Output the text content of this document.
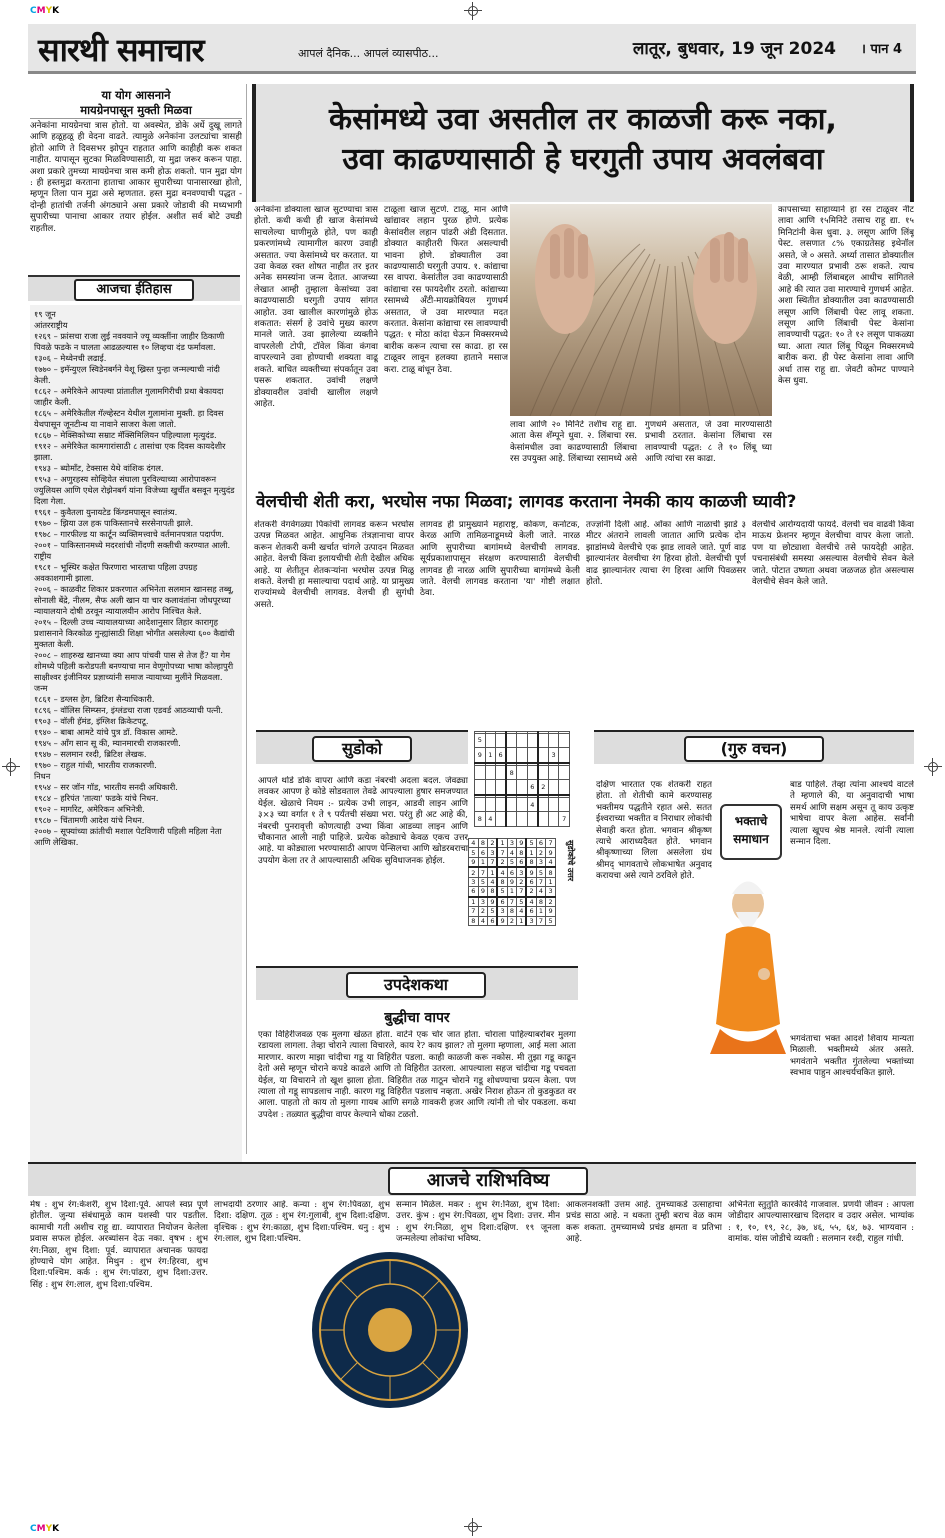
CMYK
CMYK
सारथी समाचार	आपलं दैनिक... आपलं व्यासपीठ...	लातूर, बुधवार, 19 जून 2024 । पान 4
या योग आसनाने
मायग्रेनपासून मुक्ती मिळवा

अनेकांना मायग्रेनचा त्रास होतो. या अवस्थेत, डोके अर्धे दुखू लागते आणि हळूहळू ही वेदना वाढते. त्यामुळे अनेकांना उलट्यांचा त्रासही होतो आणि ते दिवसभर झोपून राहतात आणि काहीही करू शकत नाहीत. यापासून सुटका मिळविण्यासाठी, या मुद्रा जरूर करून पाहा. अशा प्रकारे तुमच्या मायग्रेनचा त्रास कमी होऊ शकतो. पान मुद्रा योग : ही हस्तमुद्रा करताना हाताचा आकार सुपारीच्या पानासारखा होतो, म्हणून तिला पान मुद्रा असे म्हणतात. हस्त मुद्रा बनवण्याची पद्धत - दोन्ही हातांची तर्जनी अंगठ्याने असा प्रकारे जोडावी की मध्यभागी सुपारीच्या पानाचा आकार तयार होईल. अशीत सर्व बोटे उघडी राहतील.

आजचा ईतिहास

१९ जून

आंतरराष्ट्रीय

१२६९ – फ्रांसचा राजा लुई नववयाने ज्यू व्यक्तींना जाहीर ठिकाणी पिवळे फडके न घालता आढळल्यास १० लिव्हचा दंड फर्मावला.

१३०६ – मेथ्वेनची लढाई.

१७७० – इमॅन्युएल स्विडेनबर्गने येशू ख्रिस्त पुन्हा जन्मल्याची नांदी केली.

१८६२ – अमेरिकेने आपल्या प्रांतातील गुलामगिरीची प्रथा बेकायदा जाहीर केली.

१८६५ – अमेरिकेतील गॅल्व्हेस्टन येथील गुलामांना मुक्ती. हा दिवस येथपासून जूनटीन्थ या नावाने साजरा केला जातो.

१८६७ – मेक्सिकोच्या सम्राट मॅक्सिमिलियन पहिल्याला मृत्युदंड.

१९१२ – अमेरिकेत कामगारांसाठी ८ तासांचा एक दिवस कायदेशीर झाला.

१९४३ – ब्योमॉंट, टेक्सास येथे वांशिक दंगल.

१९५३ – अणुरहस्य सोव्हियेत संघाला पुरविल्याच्या आरोपावरून ज्युलियस आणि एथेल रोझेनबर्ग यांना विजेच्या खुर्चीत बसवून मृत्युदंड दिला गेला.

१९६१ – कुवैतला युनायटेड किंग्डमपासून स्वातंत्र्य.

१९७० – झिया उल हक पाकिस्तानचे सरसेनापती झाले.

१९७८ – गारफील्ड या कार्टून व्यक्तिमत्त्वाचे वर्तमानपत्रात पदार्पण.

२००१ – पाकिस्तानमध्ये मदरशांची नोंदणी सक्तीची करण्यात आली.

राष्ट्रीय

१९८१ – भूस्थिर कक्षेत फिरणारा भारताचा पहिला उपग्रह अवकाशगामी झाला.

२००६ – काळवीट शिकार प्रकरणात अभिनेता सलमान खानसह तब्बू, सोनाली बेंद्रे, नीलम, सैफ अली खान या चार कलावंतांना जोधपूरच्या न्यायालयाने दोषी ठरवून न्यायालयीन आरोप निश्चित केले.

२०१५ – दिल्ली उच्च न्यायालयाच्या आदेशानुसार तिहार कारागृह प्रशासनाने किरकोळ गुन्ह्यांसाठी शिक्षा भोगीत असलेल्या ६०० कैद्यांची मुक्तता केली.

२००८ – शाहरुख खानच्या क्या आप पांचवी पास से तेज हैं? या गेम शोमध्ये पहिली करोडपती बनण्याचा मान वेणूगोपच्या भाषा कोल्हापुरी साक्षीश्वर इंजीनियर प्रज्ञाच्यांनी समाज न्यायाच्या मुलींने मिळवला.

जन्म

१८६१ – डग्लस हेग, ब्रिटिश सैन्याधिकारी.

१८९६ – वॉलिस सिम्प्सन, इंग्लंडचा राजा एडवर्ड आठव्याची पत्नी.

१९०३ – वॉली हॅमंड, इंग्लिश क्रिकेटपटू.

१९४० – बाबा आमटे यांचे पुत्र डॉ. विकास आमटे.

१९४५ – आँग सान सू की, म्यानमारची राजकारणी.

१९४७ – सलमान रश्दी, ब्रिटिश लेखक.

१९७० – राहुल गांधी, भारतीय राजकारणी.

निधन

१९५४ – सर जॉन गॉड, भारतीय सनदी अधिकारी.

१९८४ – हरिपंत 'तात्या' फडके यांचे निधन.

१९०२ – मार्गारेट, अमेरिकन अभिनेत्री.

१९८७ – चिंतामणी आदेश यांचे निधन.

२००७ – सूफ्यांच्या क्रांतीची मशाल पेटविणारी पहिली महिला नेता आणि लेखिका.

केसांमध्ये उवा असतील तर काळजी करू नका,
उवा काढण्यासाठी हे घरगुती उपाय अवलंबवा
अनेकांना डोक्याला खाज सुटण्याचा त्रास होतो. कधी कधी ही खाज केसांमध्ये साचलेल्या घाणीमुळे होते, पण काही प्रकरणांमध्ये त्यामागील कारण उवाही असतात. ज्या केसांमध्ये घर करतात. या उवा केवळ रक्त शोषत नाहीत तर इतर अनेक समस्यांना जन्म देतात. आजच्या लेखात आम्ही तुम्हाला केसांच्या उवा काढण्यासाठी घरगुती उपाय सांगत आहोत. उवा खालील कारणांमुळे होऊ शकतात: संसर्ग हे उवांचे मुख्य कारण मानले जाते. उवा झालेल्या व्यक्तीने वापरलेली टोपी, टॉवेल किंवा कंगवा वापरल्याने उवा होण्याची शक्यता वाढू शकते. बाधित व्यक्तीच्या संपर्कातून उवा पसरू शकतात. उवांची लक्षणे डोक्यावरील उवांची खालील लक्षणे आहेत.
टाळूला खाज सुटणे. टाळू, मान आणि खांद्यावर लहान पुरळ होणे. प्रत्येक केसांवरील लहान पांढरी अंडी दिसतात. डोक्यात काहीतरी फिरत असल्याची भावना होणे. डोक्यातील उवा काढण्यासाठी घरगुती उपाय. १. कांद्याचा रस वापरा. केसांतील उवा काढण्यासाठी कांद्याचा रस फायदेशीर ठरतो. कांद्याच्या रसामध्ये अँटी-मायक्रोबियल गुणधर्म असतात, जे उवा मारण्यात मदत करतात. केसांना कांद्याचा रस लावण्याची पद्धत: १ मोठा कांदा घेऊन मिक्सरमध्ये बारीक करून त्याचा रस काढा. हा रस टाळूवर लावून हलक्या हाताने मसाज करा. टाळू बांधून ठेवा.
लावा आणि २० मिनिटे तशीच राहू द्या. आता केस शॅम्पूने धुवा. २. लिंबाचा रस. केसांमधील उवा काढण्यासाठी लिंबाचा रस उपयुक्त आहे. लिंबाच्या रसामध्ये असे गुणधर्म असतात, जे उवा मारण्यासाठी प्रभावी ठरतात. केसांना लिंबाचा रस लावण्याची पद्धत: ८ ते १० लिंबू घ्या आणि त्यांचा रस काढा.
कापसाच्या साहाय्याने हा रस टाळूवर नीट लावा आणि १५मिनिटे तसाच राहू द्या. १५ मिनिटांनी केस धुवा. ३. लसूण आणि लिंबू पेस्ट. लसणात ८% एकाग्रतेसह इथेनॉल असते, जे ० असते. अर्ध्या तासात डोक्यातील उवा मारण्यात प्रभावी ठरू शकते. त्याच वेळी, आम्ही लिंबाबद्दल आधीच सांगितले आहे की त्यात उवा मारण्याचे गुणधर्म आहेत. अशा स्थितीत डोक्यातील उवा काढण्यासाठी लसूण आणि लिंबाची पेस्ट लावू शकता. लसूण आणि लिंबाची पेस्ट केसांना लावण्याची पद्धत: १० ते १२ लसूण पाकळ्या घ्या. आता त्यात लिंबू पिळून मिक्सरमध्ये बारीक करा. ही पेस्ट केसांना लावा आणि अर्धा तास राहू द्या. जेवटी कोमट पाण्याने केस धुवा.
वेलचीची शेती करा, भरघोस नफा मिळवा; लागवड करताना नेमकी काय काळजी घ्यावी?
शेतकरी वेगवेगळ्या पिकांची लागवड करून भरघोस उत्पन्न मिळवत आहेत. आधुनिक तंत्रज्ञानाचा वापर करून शेतकरी कमी खर्चात चांगले उत्पादन मिळवत आहेत. वेलची किंवा इलायचीची शेती देखील अधिक आहे. या शेतीतून शेतकऱ्यांना भरघोस उत्पन्न मिळू शकते. वेलची हा मसाल्याचा पदार्थ आहे. या प्रामुख्य राज्यांमध्ये वेलचीची लागवड. वेलची ही सुगंधी असते.
लागवड ही प्रामुख्याने महाराष्ट्र, कोकण, कर्नाटक, केरळ आणि तामिळनाडूमध्ये केली जाते. नारळ आणि सुपारीच्या बागांमध्ये वेलचीची लागवड. सूर्यप्रकाशापासून संरक्षण करण्यासाठी वेलचीची लागवड ही नारळ आणि सुपारीच्या बागांमध्ये केली जाते. वेलची लागवड करताना 'या' गोष्टी लक्षात ठेवा.
तज्ज्ञांनी दिली आहे. ओंका आणि नाळाची झाडे ३ मीटर अंतराने लावली जातात आणि प्रत्येक दोन झाडांमध्ये वेलचीचे एक झाड लावले जाते. पूर्ण वाढ झाल्यानंतर वेलचीचा रंग हिरवा होतो. वेलचीची पूर्ण वाढ झाल्यानंतर त्याचा रंग हिरवा आणि पिवळसर होतो.
वेलचीचे आरोग्यदायी फायदे. वेलची चव वाढवी किंवा माऊथ फ्रेशनर म्हणून वेलचीचा वापर केला जातो. पण या छोट्याशा वेलचीचे तसे फायदेही आहेत. पचनासंबंधी समस्या असल्यास वेलचीचे सेवन केले जाते. पोटात उष्णता अथवा जळजळ होत असल्यास वेलचीचे सेवन केले जाते.
सुडोको
आपले थोडे डोके वापरा आणि कडा नंबरची अदला बदल. जेवढ्या लवकर आपण हे कोडे सोडवताल तेवढे आपल्याला हुषार समजण्यात येईल. खेळाचे नियम :- प्रत्येक उभी लाइन, आडवी लाइन आणि ३×३ च्या वर्गात १ ते ९ पर्यंतची संख्या भरा. परंतु ही अट आहे की, नंबरची पुनरावृत्ती कोणत्याही उभ्या किंवा आडव्या लाइन आणि चौकानात आली नाही पाहिजे. प्रत्येक कोड्याचे केवळ एकच उत्तर आहे. या कोड्याला भरण्यासाठी आपण पेन्सिलचा आणि खोडरबराचा उपयोग केला तर ते आपल्यासाठी अधिक सुविधाजनक होईल.

5								
9	1	6					3	

			8					
					6	2		

					4			
8	4							7
4	8	2	1	3	9	5	6	7
5	6	3	7	4	8	1	2	9
9	1	7	2	5	6	8	3	4
2	7	1	4	6	3	9	5	8
3	5	4	8	9	2	6	7	1
6	9	8	5	1	7	2	4	3
1	3	9	6	7	5	4	8	2
7	2	5	3	8	4	6	1	9
8	4	6	9	2	1	3	7	5
सुडोकोचे उत्तर
उपदेशकथा
बुद्धीचा वापर
एका विहिरीजवळ एक मुलगा खेळत होता. वाटेने एक चोर जात होता. चोराला पाहिल्याबरोबर मुलगा रडायला लागला. तेव्हा चोराने त्याला विचारले, काय रे? काय झाल? तो मुलगा म्हणाला, आई मला आता मारणार. कारण माझा चांदीचा गडू या विहिरीत पडला. काही काळजी करू नकोस. मी तुझा गडू काढून देतो असे म्हणून चोराने कपडे काढले आणि तो विहिरीत उतरला. आपल्याला सहज चांदीचा गडू पचवता येईल, या विचाराने तो खूश झाला होता. विहिरीत तळ गाठून चोराने गडू शोधण्याचा प्रयत्न केला. पण त्याला तो गडू सापडलाच नाही. कारण गडू विहिरीत पडलाच नव्हता. अखेर निराश होऊन तो कुडकुडत वर आला. पाहतो तो काय तो मुलगा गायब आणि सगळे गावकरी हजर आणि त्यांनी तो चोर पकडला. कथा उपदेश : तळ्यात बुद्धीचा वापर केल्याने धोका टळतो.
(गुरु वचन)
भक्ताचे समाधान
दक्षिण भारतात एक शेतकरी राहत होता. तो शेतीची कामे करण्यासह भक्तीमय पद्धतीने रहात असे. सतत ईश्वराच्या भक्तीत व निराधार लोकांची सेवाही करत होता. भगवान श्रीकृष्ण त्याचे आराध्यदैवत होते. भगवान श्रीकृष्णाच्या लिला असलेला ग्रंथ श्रीमद् भागवताचे लोकभाषेत अनुवाद करायचा असे त्याने ठरविले होते.
बाड पाहिले. तेव्हा त्यांना आश्चर्य वाटले ते म्हणाले की, या अनुवादाची भाषा समर्थ आणि सक्षम असून तू काय उत्कृष्ट भाषेचा वापर केला आहेस. सर्वांनी त्याला खूपच श्रेष्ठ मानले. त्यांनी त्याला सन्मान दिला.
भगवंताचा भक्त आदर्श शिवाय मान्यता मिळाली. भक्तीमध्ये अंतर असते. भगवंताने भक्तीत गुंतलेल्या भक्तांच्या स्वभाव पाहुन आश्चर्यचकित झाले.
आजचे राशिभविष्य
मेष : शुभ रंग:केशरी, शुभ दिशा:पूर्व. आपले स्वप्न पूर्ण होतील. जुन्या संबंधामुळे काम यशस्वी पार पडतील. कामाची गती अशीच राहू द्या. व्यापारात नियोजन केलेला प्रवास सफल होईल. अरब्यांसन देऊ नका. वृषभ : शुभ रंग:निळा, शुभ दिशा: पूर्व. व्यापारात अचानक फायदा होण्याचे योग आहेत. मिथुन : शुभ रंग:हिरवा, शुभ दिशा:पश्चिम. कर्क : शुभ रंग:पांढरा, शुभ दिशा:उत्तर. सिंह : शुभ रंग:लाल, शुभ दिशा:पश्चिम.
लाभदायी ठरणार आहे. कन्या : शुभ रंग:पिवळा, शुभ दिशा: दक्षिण. तूळ : शुभ रंग:गुलाबी, शुभ दिशा:दक्षिण. वृश्चिक : शुभ रंग:काळा, शुभ दिशा:पश्चिम. धनु : शुभ रंग:लाल, शुभ दिशा:पश्चिम.
सन्मान मिळेल. मकर : शुभ रंग:निळा, शुभ दिशा: उत्तर. कुंभ : शुभ रंग:पिवळा, शुभ दिशा: उत्तर. मीन : शुभ रंग:निळा, शुभ दिशा:दक्षिण. १९ जूनला जन्मलेल्या लोकांचा भविष्य.
आकलनशक्ती उत्तम आहे. तुमच्याकडे उत्साहाचा प्रचंड साठा आहे. न थकता तुम्ही बराच वेळ काम करू शकता. तुमच्यामध्ये प्रचंड क्षमता व प्रतिभा आहे.
अभिनेता स्तुतुति कारकीर्द गाजवाल. प्रणयी जीवन : आपला जोडीदार आपल्यासारखाच दिलदार व उदार असेल. भाग्यांक : १, १०, १९, २८, ३७, ४६, ५५, ६४, ७३. भाग्यवान : वामांक. यांस जोडीचे व्यक्ती : सलमान रश्दी, राहुल गांधी.
